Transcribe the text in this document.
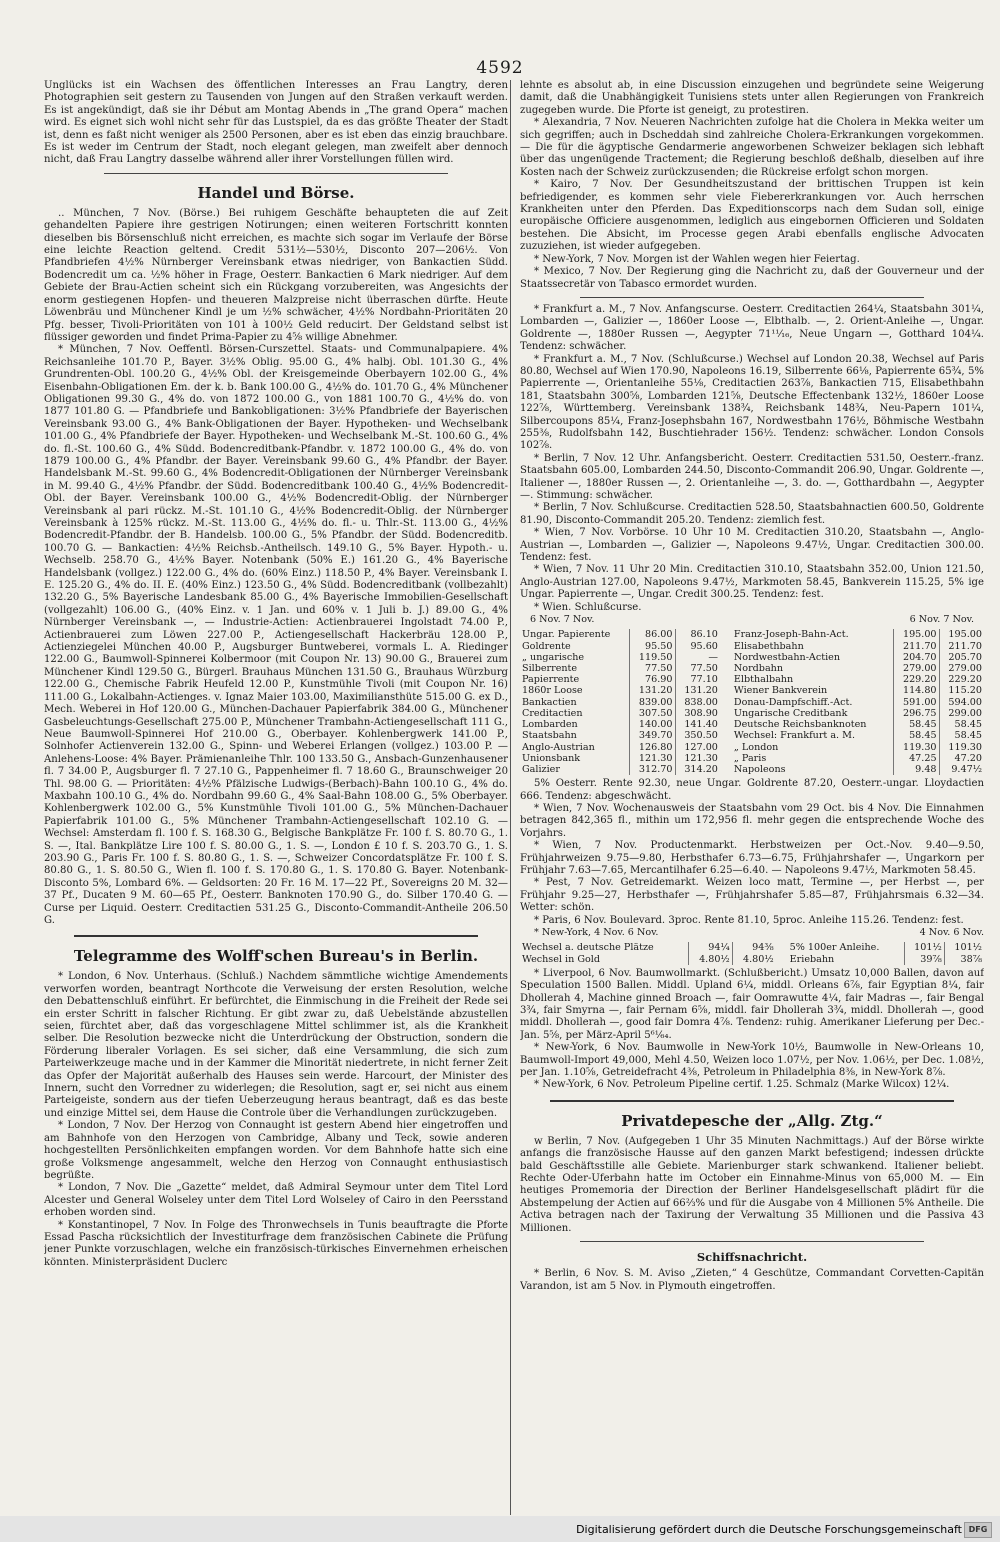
4592

Unglücks ist ein Wachsen des öffentlichen Interesses an Frau Langtry, deren Photographien seit gestern zu Tausenden von Jungen auf den Straßen verkauft werden. Es ist angekündigt, daß sie ihr Début am Montag Abends in „The grand Opera“ machen wird. Es eignet sich wohl nicht sehr für das Lustspiel, da es das größte Theater der Stadt ist, denn es faßt nicht weniger als 2500 Personen, aber es ist eben das einzig brauchbare. Es ist weder im Centrum der Stadt, noch elegant gelegen, man zweifelt aber dennoch nicht, daß Frau Langtry dasselbe während aller ihrer Vorstellungen füllen wird.

Handel und Börse.

.. München, 7 Nov. (Börse.) Bei ruhigem Geschäfte behaupteten die auf Zeit gehandelten Papiere ihre gestrigen Notirungen; einen weiteren Fortschritt konnten dieselben bis Börsenschluß nicht erreichen, es machte sich sogar im Verlaufe der Börse eine leichte Reaction geltend. Credit 531½—530½, Disconto 207—206½. Von Pfandbriefen 4½% Nürnberger Vereinsbank etwas niedriger, von Bankactien Südd. Bodencredit um ca. ½% höher in Frage, Oesterr. Bankactien 6 Mark niedriger. Auf dem Gebiete der Brau-Actien scheint sich ein Rückgang vorzubereiten, was Angesichts der enorm gestiegenen Hopfen- und theueren Malzpreise nicht überraschen dürfte. Heute Löwenbräu und Münchener Kindl je um ½% schwächer, 4½% Nordbahn-Prioritäten 20 Pfg. besser, Tivoli-Prioritäten von 101 à 100½ Geld reducirt. Der Geldstand selbst ist flüssiger geworden und findet Prima-Papier zu 4⅝ willige Abnehmer.

* München, 7 Nov. Oeffentl. Börsen-Curszettel. Staats- und Communalpapiere. 4% Reichsanleihe 101.70 P., Bayer. 3½% Oblig. 95.00 G., 4% halbj. Obl. 101.30 G., 4% Grundrenten-Obl. 100.20 G., 4½% Obl. der Kreisgemeinde Oberbayern 102.00 G., 4% Eisenbahn-Obligationen Em. der k. b. Bank 100.00 G., 4½% do. 101.70 G., 4% Münchener Obligationen 99.30 G., 4% do. von 1872 100.00 G., von 1881 100.70 G., 4½% do. von 1877 101.80 G. — Pfandbriefe und Bankobligationen: 3½% Pfandbriefe der Bayerischen Vereinsbank 93.00 G., 4% Bank-Obligationen der Bayer. Hypotheken- und Wechselbank 101.00 G., 4% Pfandbriefe der Bayer. Hypotheken- und Wechselbank M.-St. 100.60 G., 4% do. fl.-St. 100.60 G., 4% Südd. Bodencreditbank-Pfandbr. v. 1872 100.00 G., 4% do. von 1879 100.00 G., 4% Pfandbr. der Bayer. Vereinsbank 99.60 G., 4% Pfandbr. der Bayer. Handelsbank M.-St. 99.60 G., 4% Bodencredit-Obligationen der Nürnberger Vereinsbank in M. 99.40 G., 4½% Pfandbr. der Südd. Bodencreditbank 100.40 G., 4½% Bodencredit-Obl. der Bayer. Vereinsbank 100.00 G., 4½% Bodencredit-Oblig. der Nürnberger Vereinsbank al pari rückz. M.-St. 101.10 G., 4½% Bodencredit-Oblig. der Nürnberger Vereinsbank à 125% rückz. M.-St. 113.00 G., 4½% do. fl.- u. Thlr.-St. 113.00 G., 4½% Bodencredit-Pfandbr. der B. Handelsb. 100.00 G., 5% Pfandbr. der Südd. Bodencreditb. 100.70 G. — Bankactien: 4½% Reichsb.-Antheilsch. 149.10 G., 5% Bayer. Hypoth.- u. Wechselb. 258.70 G., 4½% Bayer. Notenbank (50% E.) 161.20 G., 4% Bayerische Handelsbank (vollgez.) 122.00 G., 4% do. (60% Einz.) 118.50 P., 4% Bayer. Vereinsbank I. E. 125.20 G., 4% do. II. E. (40% Einz.) 123.50 G., 4% Südd. Bodencreditbank (vollbezahlt) 132.20 G., 5% Bayerische Landesbank 85.00 G., 4% Bayerische Immobilien-Gesellschaft (vollgezahlt) 106.00 G., (40% Einz. v. 1 Jan. und 60% v. 1 Juli b. J.) 89.00 G., 4% Nürnberger Vereinsbank —, — Industrie-Actien: Actienbrauerei Ingolstadt 74.00 P., Actienbrauerei zum Löwen 227.00 P., Actiengesellschaft Hackerbräu 128.00 P., Actienziegelei München 40.00 P., Augsburger Buntweberei, vormals L. A. Riedinger 122.00 G., Baumwoll-Spinnerei Kolbermoor (mit Coupon Nr. 13) 90.00 G., Brauerei zum Münchener Kindl 129.50 G., Bürgerl. Brauhaus München 131.50 G., Brauhaus Würzburg 122.00 G., Chemische Fabrik Heufeld 12.00 P., Kunstmühle Tivoli (mit Coupon Nr. 16) 111.00 G., Lokalbahn-Actienges. v. Ignaz Maier 103.00, Maximiliansthüte 515.00 G. ex D., Mech. Weberei in Hof 120.00 G., München-Dachauer Papierfabrik 384.00 G., Münchener Gasbeleuchtungs-Gesellschaft 275.00 P., Münchener Trambahn-Actiengesellschaft 111 G., Neue Baumwoll-Spinnerei Hof 210.00 G., Oberbayer. Kohlenbergwerk 141.00 P., Solnhofer Actienverein 132.00 G., Spinn- und Weberei Erlangen (vollgez.) 103.00 P. — Anlehens-Loose: 4% Bayer. Prämienanleihe Thlr. 100 133.50 G., Ansbach-Gunzenhausener fl. 7 34.00 P., Augsburger fl. 7 27.10 G., Pappenheimer fl. 7 18.60 G., Braunschweiger 20 Thl. 98.00 G. — Prioritäten: 4½% Pfälzische Ludwigs-(Berbach)-Bahn 100.10 G., 4% do. Maxbahn 100.10 G., 4% do. Nordbahn 99.60 G., 4% Saal-Bahn 108.00 G., 5% Oberbayer. Kohlenbergwerk 102.00 G., 5% Kunstmühle Tivoli 101.00 G., 5% München-Dachauer Papierfabrik 101.00 G., 5% Münchener Trambahn-Actiengesellschaft 102.10 G. — Wechsel: Amsterdam fl. 100 f. S. 168.30 G., Belgische Bankplätze Fr. 100 f. S. 80.70 G., 1. S. —, Ital. Bankplätze Lire 100 f. S. 80.00 G., 1. S. —, London £ 10 f. S. 203.70 G., 1. S. 203.90 G., Paris Fr. 100 f. S. 80.80 G., 1. S. —, Schweizer Concordatsplätze Fr. 100 f. S. 80.80 G., 1. S. 80.50 G., Wien fl. 100 f. S. 170.80 G., 1. S. 170.80 G. Bayer. Notenbank-Disconto 5%, Lombard 6%. — Geldsorten: 20 Fr. 16 M. 17—22 Pf., Sovereigns 20 M. 32—37 Pf., Ducaten 9 M. 60—65 Pf., Oesterr. Banknoten 170.90 G., do. Silber 170.40 G. — Curse per Liquid. Oesterr. Creditactien 531.25 G., Disconto-Commandit-Antheile 206.50 G.

Telegramme des Wolff'schen Bureau's in Berlin.

* London, 6 Nov. Unterhaus. (Schluß.) Nachdem sämmtliche wichtige Amendements verworfen worden, beantragt Northcote die Verweisung der ersten Resolution, welche den Debattenschluß einführt. Er befürchtet, die Einmischung in die Freiheit der Rede sei ein erster Schritt in falscher Richtung. Er gibt zwar zu, daß Uebelstände abzustellen seien, fürchtet aber, daß das vorgeschlagene Mittel schlimmer ist, als die Krankheit selber. Die Resolution bezwecke nicht die Unterdrückung der Obstruction, sondern die Förderung liberaler Vorlagen. Es sei sicher, daß eine Versammlung, die sich zum Parteiwerkzeuge mache und in der Kammer die Minorität niedertrete, in nicht ferner Zeit das Opfer der Majorität außerhalb des Hauses sein werde. Harcourt, der Minister des Innern, sucht den Vorredner zu widerlegen; die Resolution, sagt er, sei nicht aus einem Parteigeiste, sondern aus der tiefen Ueberzeugung heraus beantragt, daß es das beste und einzige Mittel sei, dem Hause die Controle über die Verhandlungen zurückzugeben.

* London, 7 Nov. Der Herzog von Connaught ist gestern Abend hier eingetroffen und am Bahnhofe von den Herzogen von Cambridge, Albany und Teck, sowie anderen hochgestellten Persönlichkeiten empfangen worden. Vor dem Bahnhofe hatte sich eine große Volksmenge angesammelt, welche den Herzog von Connaught enthusiastisch begrüßte.

* London, 7 Nov. Die „Gazette“ meldet, daß Admiral Seymour unter dem Titel Lord Alcester und General Wolseley unter dem Titel Lord Wolseley of Cairo in den Peersstand erhoben worden sind.

* Konstantinopel, 7 Nov. In Folge des Thronwechsels in Tunis beauftragte die Pforte Essad Pascha rücksichtlich der Investiturfrage dem französischen Cabinete die Prüfung jener Punkte vorzuschlagen, welche ein französisch-türkisches Einvernehmen erheischen könnten. Ministerpräsident Duclerc

lehnte es absolut ab, in eine Discussion einzugehen und begründete seine Weigerung damit, daß die Unabhängigkeit Tunisiens stets unter allen Regierungen von Frankreich zugegeben wurde. Die Pforte ist geneigt, zu protestiren.

* Alexandria, 7 Nov. Neueren Nachrichten zufolge hat die Cholera in Mekka weiter um sich gegriffen; auch in Dscheddah sind zahlreiche Cholera-Erkrankungen vorgekommen. — Die für die ägyptische Gendarmerie angeworbenen Schweizer beklagen sich lebhaft über das ungenügende Tractement; die Regierung beschloß deßhalb, dieselben auf ihre Kosten nach der Schweiz zurückzusenden; die Rückreise erfolgt schon morgen.

* Kairo, 7 Nov. Der Gesundheitszustand der brittischen Truppen ist kein befriedigender, es kommen sehr viele Fiebererkrankungen vor. Auch herrschen Krankheiten unter den Pferden. Das Expeditionscorps nach dem Sudan soll, einige europäische Officiere ausgenommen, lediglich aus eingebornen Officieren und Soldaten bestehen. Die Absicht, im Processe gegen Arabi ebenfalls englische Advocaten zuzuziehen, ist wieder aufgegeben.

* New-York, 7 Nov. Morgen ist der Wahlen wegen hier Feiertag.

* Mexico, 7 Nov. Der Regierung ging die Nachricht zu, daß der Gouverneur und der Staatssecretär von Tabasco ermordet wurden.

* Frankfurt a. M., 7 Nov. Anfangscurse. Oesterr. Creditactien 264¼, Staatsbahn 301¼, Lombarden —, Galizier —, 1860er Loose —, Elbthalb. —, 2. Orient-Anleihe —, Ungar. Goldrente —, 1880er Russen —, Aegypter 71¹¹⁄₁₆, Neue Ungarn —, Gotthard 104¼. Tendenz: schwächer.

* Frankfurt a. M., 7 Nov. (Schlußcurse.) Wechsel auf London 20.38, Wechsel auf Paris 80.80, Wechsel auf Wien 170.90, Napoleons 16.19, Silberrente 66⅛, Papierrente 65¾, 5% Papierrente —, Orientanleihe 55⅛, Creditactien 263⅞, Bankactien 715, Elisabethbahn 181, Staatsbahn 300⅝, Lombarden 121⅝, Deutsche Effectenbank 132½, 1860er Loose 122⅞, Württemberg. Vereinsbank 138¾, Reichsbank 148¾, Neu-Papern 101¼, Silbercoupons 85¼, Franz-Josephsbahn 167, Nordwestbahn 176½, Böhmische Westbahn 255⅜, Rudolfsbahn 142, Buschtiehrader 156½. Tendenz: schwächer. London Consols 102⅞.

* Berlin, 7 Nov. 12 Uhr. Anfangsbericht. Oesterr. Creditactien 531.50, Oesterr.-franz. Staatsbahn 605.00, Lombarden 244.50, Disconto-Commandit 206.90, Ungar. Goldrente —, Italiener —, 1880er Russen —, 2. Orientanleihe —, 3. do. —, Gotthardbahn —, Aegypter —. Stimmung: schwächer.

* Berlin, 7 Nov. Schlußcurse. Creditactien 528.50, Staatsbahnactien 600.50, Goldrente 81.90, Disconto-Commandit 205.20. Tendenz: ziemlich fest.

* Wien, 7 Nov. Vorbörse. 10 Uhr 10 M. Creditactien 310.20, Staatsbahn —, Anglo-Austrian —, Lombarden —, Galizier —, Napoleons 9.47½, Ungar. Creditactien 300.00. Tendenz: fest.

* Wien, 7 Nov. 11 Uhr 20 Min. Creditactien 310.10, Staatsbahn 352.00, Union 121.50, Anglo-Austrian 127.00, Napoleons 9.47½, Markmoten 58.45, Bankverein 115.25, 5% ige Ungar. Papierrente —, Ungar. Credit 300.25. Tendenz: fest.

* Wien. Schlußcurse.

6 Nov. 7 Nov.	6 Nov. 7 Nov.
Ungar. Papierente	86.00	86.10		Franz-Joseph-Bahn-Act.	195.00	195.00
Goldrente	95.50	95.60		Elisabethbahn	211.70	211.70
„ ungarische	119.50	—		Nordwestbahn-Actien	204.70	205.70
Silberrente	77.50	77.50		Nordbahn	279.00	279.00
Papierrente	76.90	77.10		Elbthalbahn	229.20	229.20
1860r Loose	131.20	131.20		Wiener Bankverein	114.80	115.20
Bankactien	839.00	838.00		Donau-Dampfschiff.-Act.	591.00	594.00
Creditactien	307.50	308.90		Ungarische Creditbank	296.75	299.00
Lombarden	140.00	141.40		Deutsche Reichsbanknoten	58.45	58.45
Staatsbahn	349.70	350.50		Wechsel: Frankfurt a. M.	58.45	58.45
Anglo-Austrian	126.80	127.00		„ London	119.30	119.30
Unionsbank	121.30	121.30		„ Paris	47.25	47.20
Galizier	312.70	314.20		Napoleons	9.48	9.47½

5% Oesterr. Rente 92.30, neue Ungar. Goldrente 87.20, Oesterr.-ungar. Lloydactien 666. Tendenz: abgeschwächt.

* Wien, 7 Nov. Wochenausweis der Staatsbahn vom 29 Oct. bis 4 Nov. Die Einnahmen betragen 842,365 fl., mithin um 172,956 fl. mehr gegen die entsprechende Woche des Vorjahrs.

* Wien, 7 Nov. Productenmarkt. Herbstweizen per Oct.-Nov. 9.40—9.50, Frühjahrweizen 9.75—9.80, Herbsthafer 6.73—6.75, Frühjahrshafer —, Ungarkorn per Frühjahr 7.63—7.65, Mercantilhafer 6.25—6.40. — Napoleons 9.47½, Markmoten 58.45.

* Pest, 7 Nov. Getreidemarkt. Weizen loco matt, Termine —, per Herbst —, per Frühjahr 9.25—27, Herbsthafer —, Frühjahrshafer 5.85—87, Frühjahrsmais 6.32—34. Wetter: schön.

* Paris, 6 Nov. Boulevard. 3proc. Rente 81.10, 5proc. Anleihe 115.26. Tendenz: fest.

* New-York, 4 Nov. 6 Nov.	4 Nov. 6 Nov.
Wechsel a. deutsche Plätze	94¼	94⅜		5% 100er Anleihe.	101½	101½
Wechsel in Gold	4.80½	4.80½		Eriebahn	39⅞	38⅞

* Liverpool, 6 Nov. Baumwollmarkt. (Schlußbericht.) Umsatz 10,000 Ballen, davon auf Speculation 1500 Ballen. Middl. Upland 6¼, middl. Orleans 6⅞, fair Egyptian 8¼, fair Dhollerah 4, Machine ginned Broach —, fair Oomrawutte 4¼, fair Madras —, fair Bengal 3¾, fair Smyrna —, fair Pernam 6⅝, middl. fair Dhollerah 3¾, middl. Dhollerah —, good middl. Dhollerah —, good fair Domra 4⅞. Tendenz: ruhig. Amerikaner Lieferung per Dec.-Jan. 5⅝, per März-April 5⁶¹⁄₆₄.

* New-York, 6 Nov. Baumwolle in New-York 10½, Baumwolle in New-Orleans 10, Baumwoll-Import 49,000, Mehl 4.50, Weizen loco 1.07½, per Nov. 1.06½, per Dec. 1.08½, per Jan. 1.10⅝, Getreidefracht 4⅜, Petroleum in Philadelphia 8⅜, in New-York 8⅞.

* New-York, 6 Nov. Petroleum Pipeline certif. 1.25. Schmalz (Marke Wilcox) 12¼.

Privatdepesche der „Allg. Ztg.“

w Berlin, 7 Nov. (Aufgegeben 1 Uhr 35 Minuten Nachmittags.) Auf der Börse wirkte anfangs die französische Hausse auf den ganzen Markt befestigend; indessen drückte bald Geschäftsstille alle Gebiete. Marienburger stark schwankend. Italiener beliebt. Rechte Oder-Uferbahn hatte im October ein Einnahme-Minus von 65,000 M. — Ein heutiges Promemoria der Direction der Berliner Handelsgesellschaft plädirt für die Abstempelung der Actien auf 66⅔% und für die Ausgabe von 4 Millionen 5% Antheile. Die Activa betragen nach der Taxirung der Verwaltung 35 Millionen und die Passiva 43 Millionen.

Schiffsnachricht.

* Berlin, 6 Nov. S. M. Aviso „Zieten,“ 4 Geschütze, Commandant Corvetten-Capitän Varandon, ist am 5 Nov. in Plymouth eingetroffen.

Digitalisierung gefördert durch die Deutsche Forschungsgemeinschaft DFG
